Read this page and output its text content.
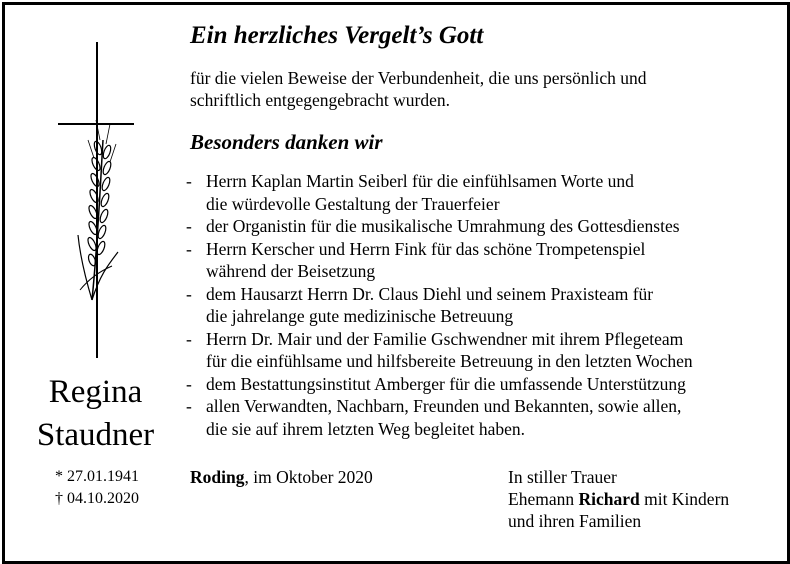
Regina
Staudner
* 27.01.1941
† 04.10.2020
Ein herzliches Vergelt’s Gott

für die vielen Beweise der Verbundenheit, die uns persönlich und
schriftlich entgegengebracht wurden.

Besonders danken wir
- Herrn Kaplan Martin Seiberl für die einfühlsamen Worte und
die würdevolle Gestaltung der Trauerfeier
- der Organistin für die musikalische Umrahmung des Gottesdienstes
- Herrn Kerscher und Herrn Fink für das schöne Trompetenspiel
während der Beisetzung
- dem Hausarzt Herrn Dr. Claus Diehl und seinem Praxisteam für
die jahrelange gute medizinische Betreuung
- Herrn Dr. Mair und der Familie Gschwendner mit ihrem Pflegeteam
für die einfühlsame und hilfsbereite Betreuung in den letzten Wochen
- dem Bestattungsinstitut Amberger für die umfassende Unterstützung
- allen Verwandten, Nachbarn, Freunden und Bekannten, sowie allen,
die sie auf ihrem letzten Weg begleitet haben.
Roding, im Oktober 2020	In stiller Trauer
Ehemann Richard mit Kindern
und ihren Familien
